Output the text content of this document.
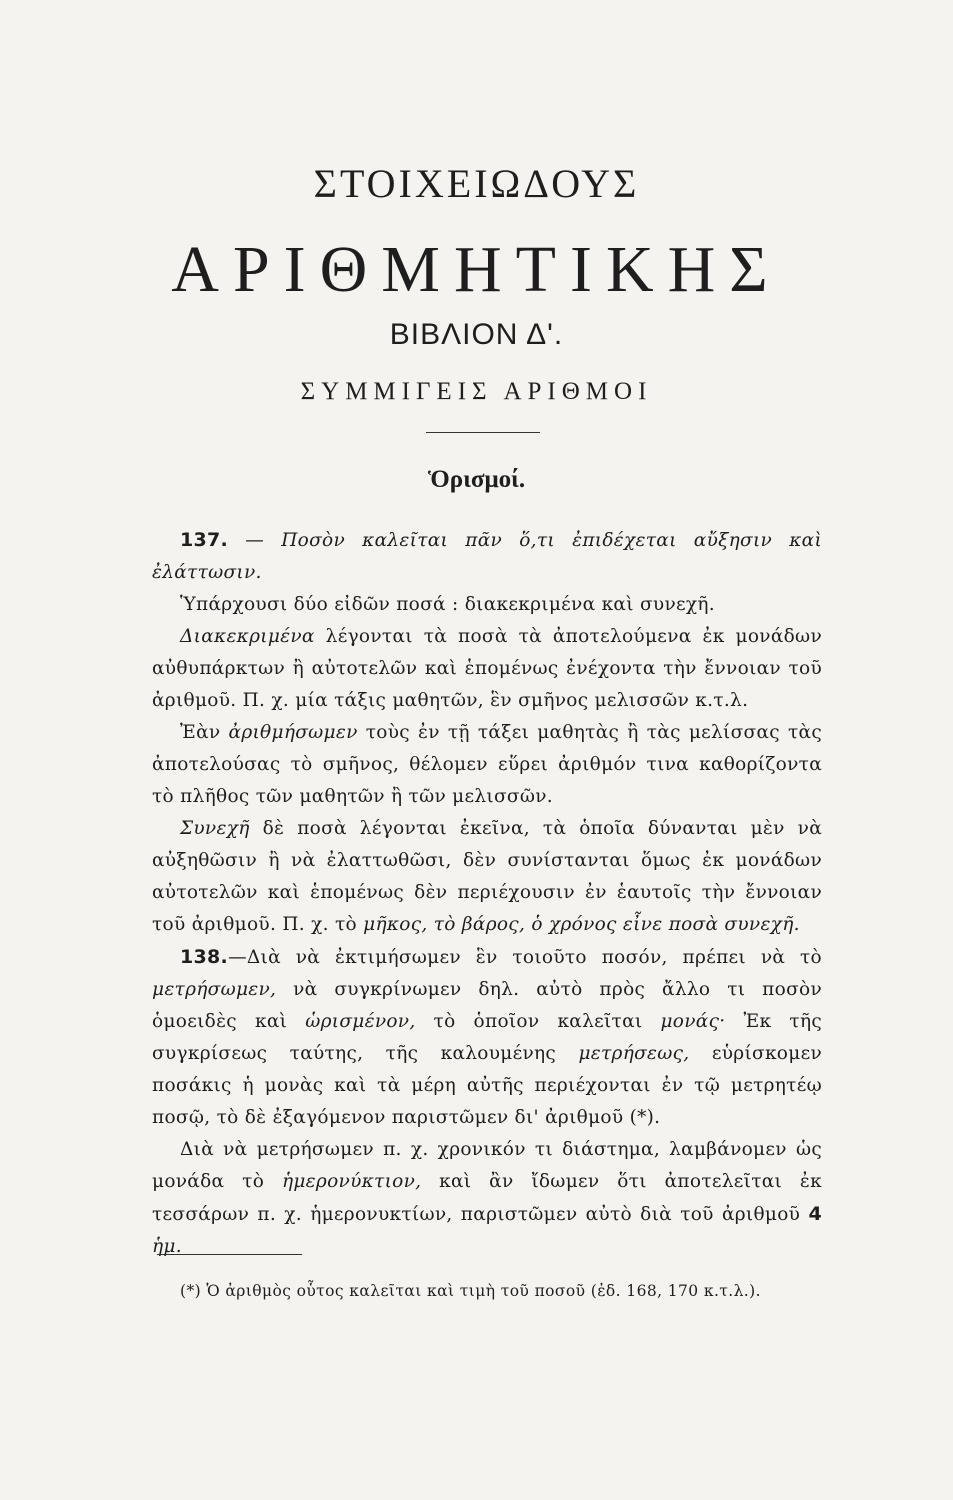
ΣΤΟΙΧΕΙΩΔΟΥΣ
ΑΡΙΘΜΗΤΙΚΗΣ
ΒΙΒΛΙΟΝ Δ'.
ΣΥΜΜΙΓΕΙΣ ΑΡΙΘΜΟΙ
Ὁρισμοί.

137. — Ποσὸν καλεῖται πᾶν ὅ,τι ἐπιδέχεται αὔξησιν καὶ ἐλάττωσιν.

Ὑπάρχουσι δύο εἰδῶν ποσά : διακεκριμένα καὶ συνεχῆ.

Διακεκριμένα λέγονται τὰ ποσὰ τὰ ἀποτελούμενα ἐκ μονάδων αὐθυπάρκτων ἢ αὐτοτελῶν καὶ ἑπομένως ἐνέχοντα τὴν ἔννοιαν τοῦ ἀριθμοῦ. Π. χ. μία τάξις μαθητῶν, ἓν σμῆνος μελισσῶν κ.τ.λ.

Ἐὰν ἀριθμήσωμεν τοὺς ἐν τῇ τάξει μαθητὰς ἢ τὰς μελίσσας τὰς ἀποτελούσας τὸ σμῆνος, θέλομεν εὕρει ἀριθμόν τινα καθορίζοντα τὸ πλῆθος τῶν μαθητῶν ἢ τῶν μελισσῶν.

Συνεχῆ δὲ ποσὰ λέγονται ἐκεῖνα, τὰ ὁποῖα δύνανται μὲν νὰ αὐξηθῶσιν ἢ νὰ ἐλαττωθῶσι, δὲν συνίστανται ὅμως ἐκ μονάδων αὐτοτελῶν καὶ ἑπομένως δὲν περιέχουσιν ἐν ἑαυτοῖς τὴν ἔννοιαν τοῦ ἀριθμοῦ. Π. χ. τὸ μῆκος, τὸ βάρος, ὁ χρόνος εἶνε ποσὰ συνεχῆ.

138.—Διὰ νὰ ἐκτιμήσωμεν ἓν τοιοῦτο ποσόν, πρέπει νὰ τὸ μετρήσωμεν, νὰ συγκρίνωμεν δηλ. αὐτὸ πρὸς ἄλλο τι ποσὸν ὁμοειδὲς καὶ ὡρισμένον, τὸ ὁποῖον καλεῖται μονάς· Ἐκ τῆς συγκρίσεως ταύτης, τῆς καλουμένης μετρήσεως, εὑρίσκομεν ποσάκις ἡ μονὰς καὶ τὰ μέρη αὐτῆς περιέχονται ἐν τῷ μετρητέῳ ποσῷ, τὸ δὲ ἐξαγόμενον παριστῶμεν δι' ἀριθμοῦ (*).

Διὰ νὰ μετρήσωμεν π. χ. χρονικόν τι διάστημα, λαμβάνομεν ὡς μονάδα τὸ ἡμερονύκτιον, καὶ ἂν ἴδωμεν ὅτι ἀποτελεῖται ἐκ τεσσάρων π. χ. ἡμερονυκτίων, παριστῶμεν αὐτὸ διὰ τοῦ ἀριθμοῦ 4 ἡμ.

(*) Ὁ ἀριθμὸς οὗτος καλεῖται καὶ τιμὴ τοῦ ποσοῦ (ἐδ. 168, 170 κ.τ.λ.).
